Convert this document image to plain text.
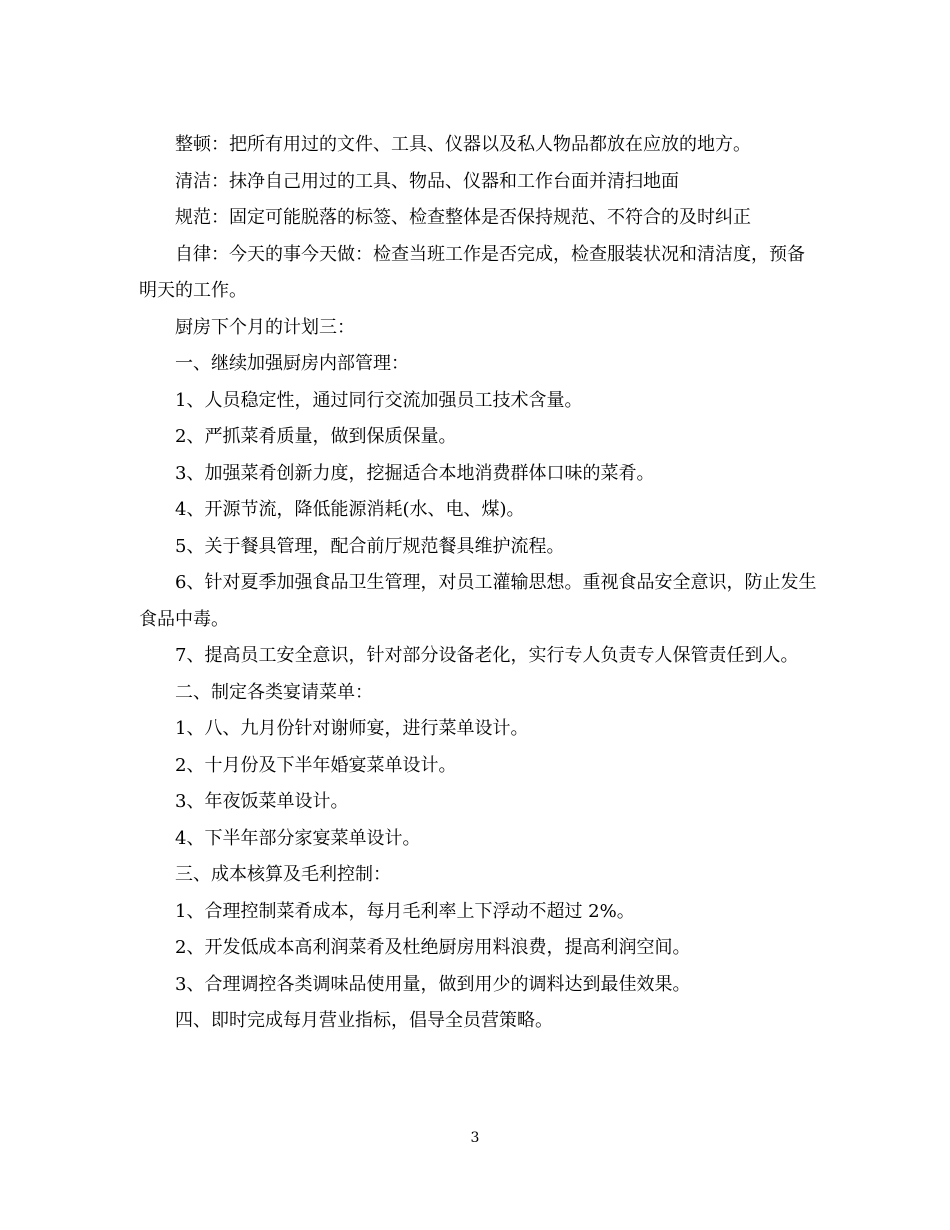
整顿：把所有用过的文件、工具、仪器以及私人物品都放在应放的地方。

清洁：抹净自己用过的工具、物品、仪器和工作台面并清扫地面

规范：固定可能脱落的标签、检查整体是否保持规范、不符合的及时纠正

自律：今天的事今天做：检查当班工作是否完成，检查服装状况和清洁度，预备明天的工作。

厨房下个月的计划三：

一、继续加强厨房内部管理：

1、人员稳定性，通过同行交流加强员工技术含量。

2、严抓菜肴质量，做到保质保量。

3、加强菜肴创新力度，挖掘适合本地消费群体口味的菜肴。

4、开源节流，降低能源消耗(水、电、煤)。

5、关于餐具管理，配合前厅规范餐具维护流程。

6、针对夏季加强食品卫生管理，对员工灌输思想。重视食品安全意识，防止发生食品中毒。

7、提高员工安全意识，针对部分设备老化，实行专人负责专人保管责任到人。

二、制定各类宴请菜单：

1、八、九月份针对谢师宴，进行菜单设计。

2、十月份及下半年婚宴菜单设计。

3、年夜饭菜单设计。

4、下半年部分家宴菜单设计。

三、成本核算及毛利控制：

1、合理控制菜肴成本，每月毛利率上下浮动不超过 2%。

2、开发低成本高利润菜肴及杜绝厨房用料浪费，提高利润空间。

3、合理调控各类调味品使用量，做到用少的调料达到最佳效果。

四、即时完成每月营业指标，倡导全员营策略。

3
